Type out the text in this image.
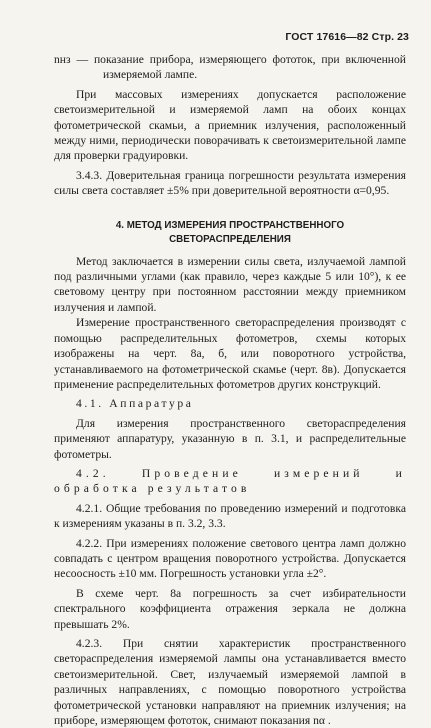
ГОСТ 17616—82 Стр. 23

nнз — показание прибора, измеряющего фототок, при включенной измеряемой лампе.

При массовых измерениях допускается расположение светоизмерительной и измеряемой ламп на обоих концах фотометрической скамьи, а приемник излучения, расположенный между ними, периодически поворачивать к светоизмерительной лампе для проверки градуировки.

3.4.3. Доверительная граница погрешности результата измерения силы света составляет ±5% при доверительной вероятности α=0,95.

4. МЕТОД ИЗМЕРЕНИЯ ПРОСТРАНСТВЕННОГО СВЕТОРАСПРЕДЕЛЕНИЯ

Метод заключается в измерении силы света, излучаемой лампой под различными углами (как правило, через каждые 5 или 10°), к ее световому центру при постоянном расстоянии между приемником излучения и лампой.

Измерение пространственного светораспределения производят с помощью распределительных фотометров, схемы которых изображены на черт. 8а, б, или поворотного устройства, устанавливаемого на фотометрической скамье (черт. 8в). Допускается применение распределительных фотометров других конструкций.

4.1. Аппаратура

Для измерения пространственного светораспределения применяют аппаратуру, указанную в п. 3.1, и распределительные фотометры.

4.2. Проведение измерений и обработка результатов

4.2.1. Общие требования по проведению измерений и подготовка к измерениям указаны в п. 3.2, 3.3.

4.2.2. При измерениях положение светового центра ламп должно совпадать с центром вращения поворотного устройства. Допускается несоосность ±10 мм. Погрешность установки угла ±2°.

В схеме черт. 8а погрешность за счет избирательности спектрального коэффициента отражения зеркала не должна превышать 2%.

4.2.3. При снятии характеристик пространственного светораспределения измеряемой лампы она устанавливается вместо светоизмерительной. Свет, излучаемый измеряемой лампой в различных направлениях, с помощью поворотного устройства фотометрической установки направляют на приемник излучения; на приборе, измеряющем фототок, снимают показания nα .
